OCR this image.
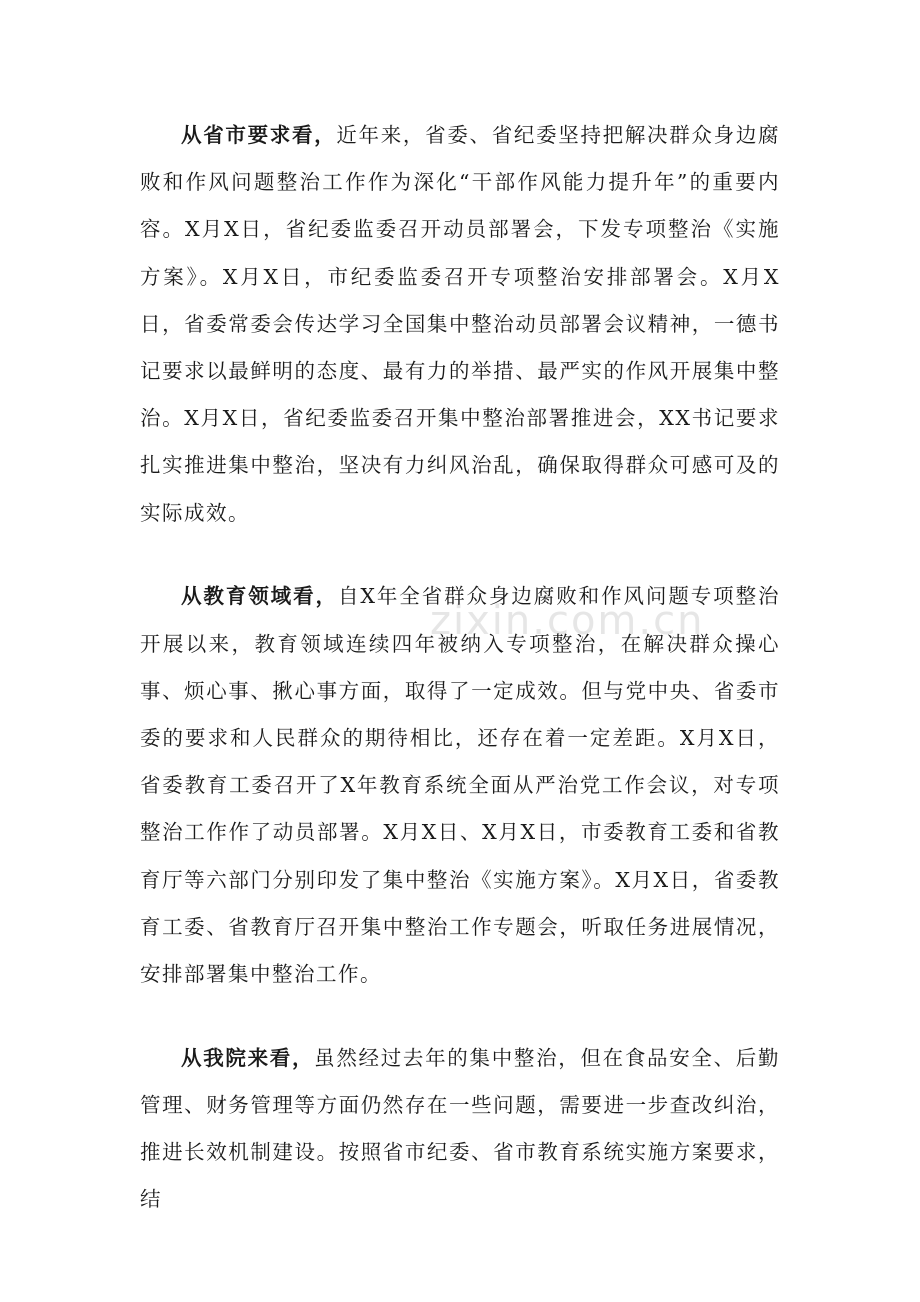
zixin.com.cn

从省市要求看，近年来，省委、省纪委坚持把解决群众身边腐败和作风问题整治工作作为深化“干部作风能力提升年”的重要内容。X月X日，省纪委监委召开动员部署会，下发专项整治《实施方案》。X月X日，市纪委监委召开专项整治安排部署会。X月X日，省委常委会传达学习全国集中整治动员部署会议精神，一德书记要求以最鲜明的态度、最有力的举措、最严实的作风开展集中整治。X月X日，省纪委监委召开集中整治部署推进会，XX书记要求扎实推进集中整治，坚决有力纠风治乱，确保取得群众可感可及的实际成效。

从教育领域看，自X年全省群众身边腐败和作风问题专项整治开展以来，教育领域连续四年被纳入专项整治，在解决群众操心事、烦心事、揪心事方面，取得了一定成效。但与党中央、省委市委的要求和人民群众的期待相比，还存在着一定差距。X月X日，省委教育工委召开了X年教育系统全面从严治党工作会议，对专项整治工作作了动员部署。X月X日、X月X日，市委教育工委和省教育厅等六部门分别印发了集中整治《实施方案》。X月X日，省委教育工委、省教育厅召开集中整治工作专题会，听取任务进展情况，安排部署集中整治工作。

从我院来看，虽然经过去年的集中整治，但在食品安全、后勤管理、财务管理等方面仍然存在一些问题，需要进一步查改纠治，推进长效机制建设。按照省市纪委、省市教育系统实施方案要求，结
